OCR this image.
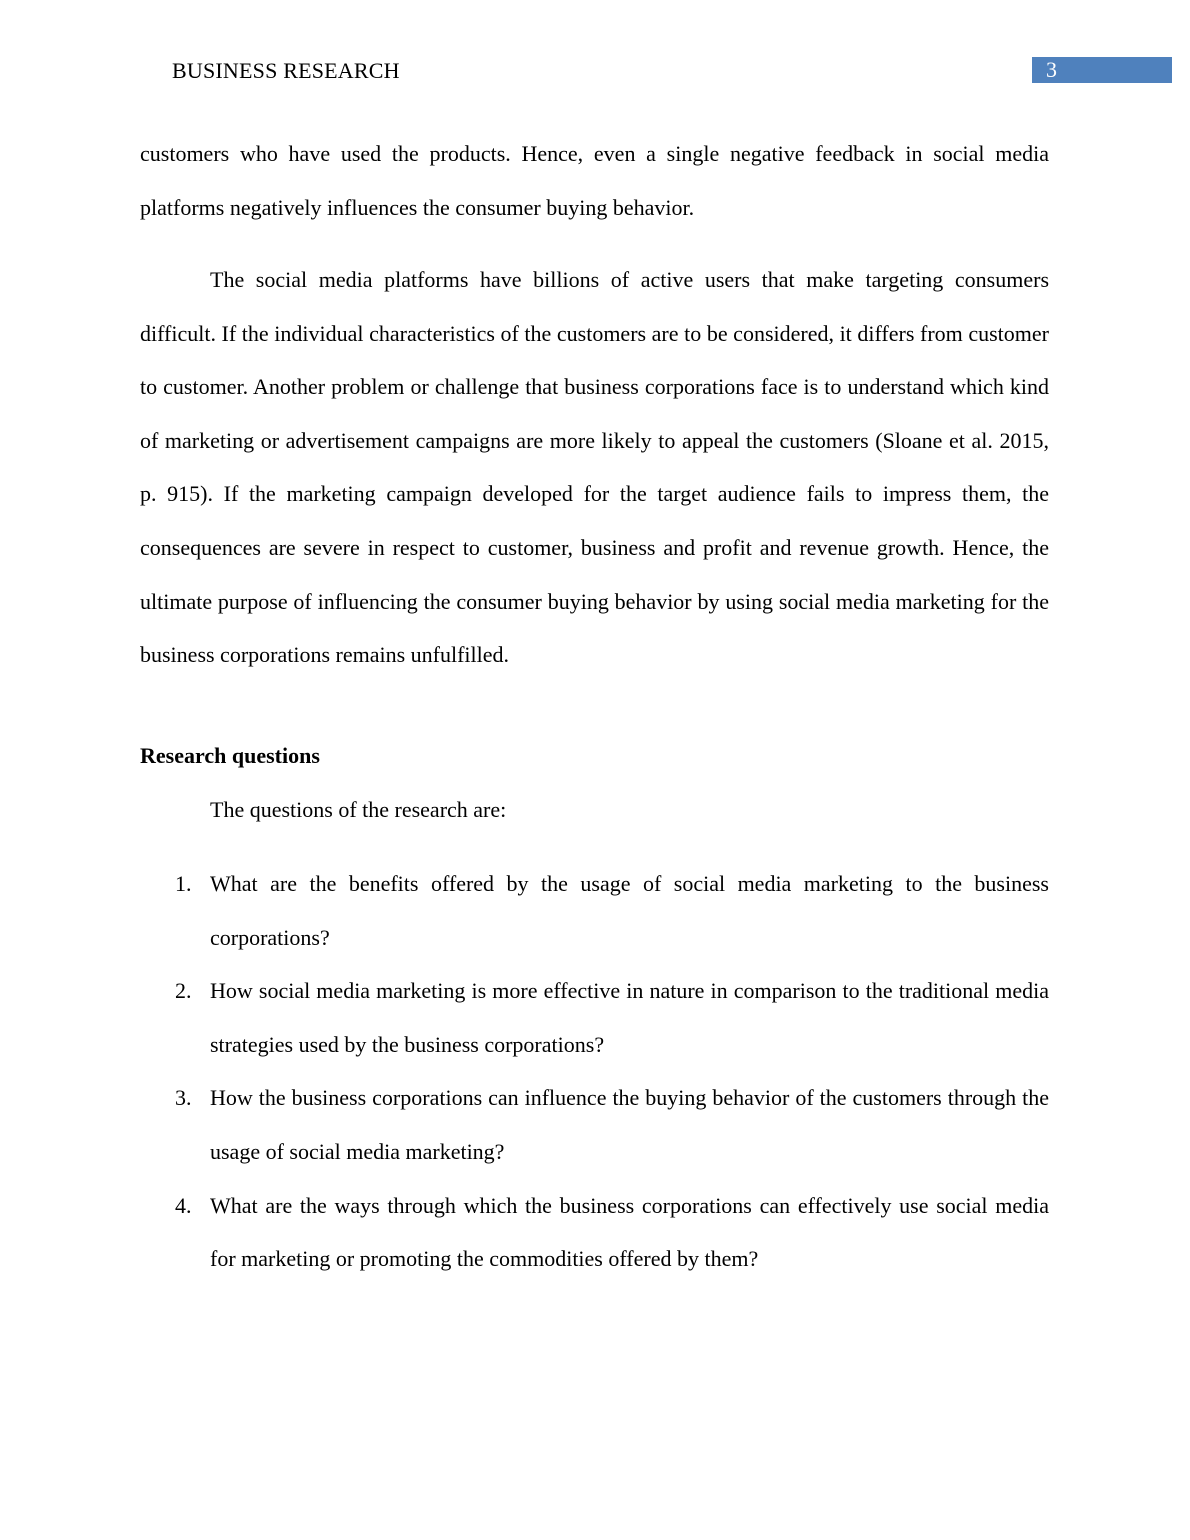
BUSINESS RESEARCH	3

customers who have used the products. Hence, even a single negative feedback in social media platforms negatively influences the consumer buying behavior.

The social media platforms have billions of active users that make targeting consumers difficult. If the individual characteristics of the customers are to be considered, it differs from customer to customer. Another problem or challenge that business corporations face is to understand which kind of marketing or advertisement campaigns are more likely to appeal the customers (Sloane et al. 2015, p. 915). If the marketing campaign developed for the target audience fails to impress them, the consequences are severe in respect to customer, business and profit and revenue growth. Hence, the ultimate purpose of influencing the consumer buying behavior by using social media marketing for the business corporations remains unfulfilled.

Research questions

The questions of the research are:

1. What are the benefits offered by the usage of social media marketing to the business corporations?
2. How social media marketing is more effective in nature in comparison to the traditional media strategies used by the business corporations?
3. How the business corporations can influence the buying behavior of the customers through the usage of social media marketing?
4. What are the ways through which the business corporations can effectively use social media for marketing or promoting the commodities offered by them?
